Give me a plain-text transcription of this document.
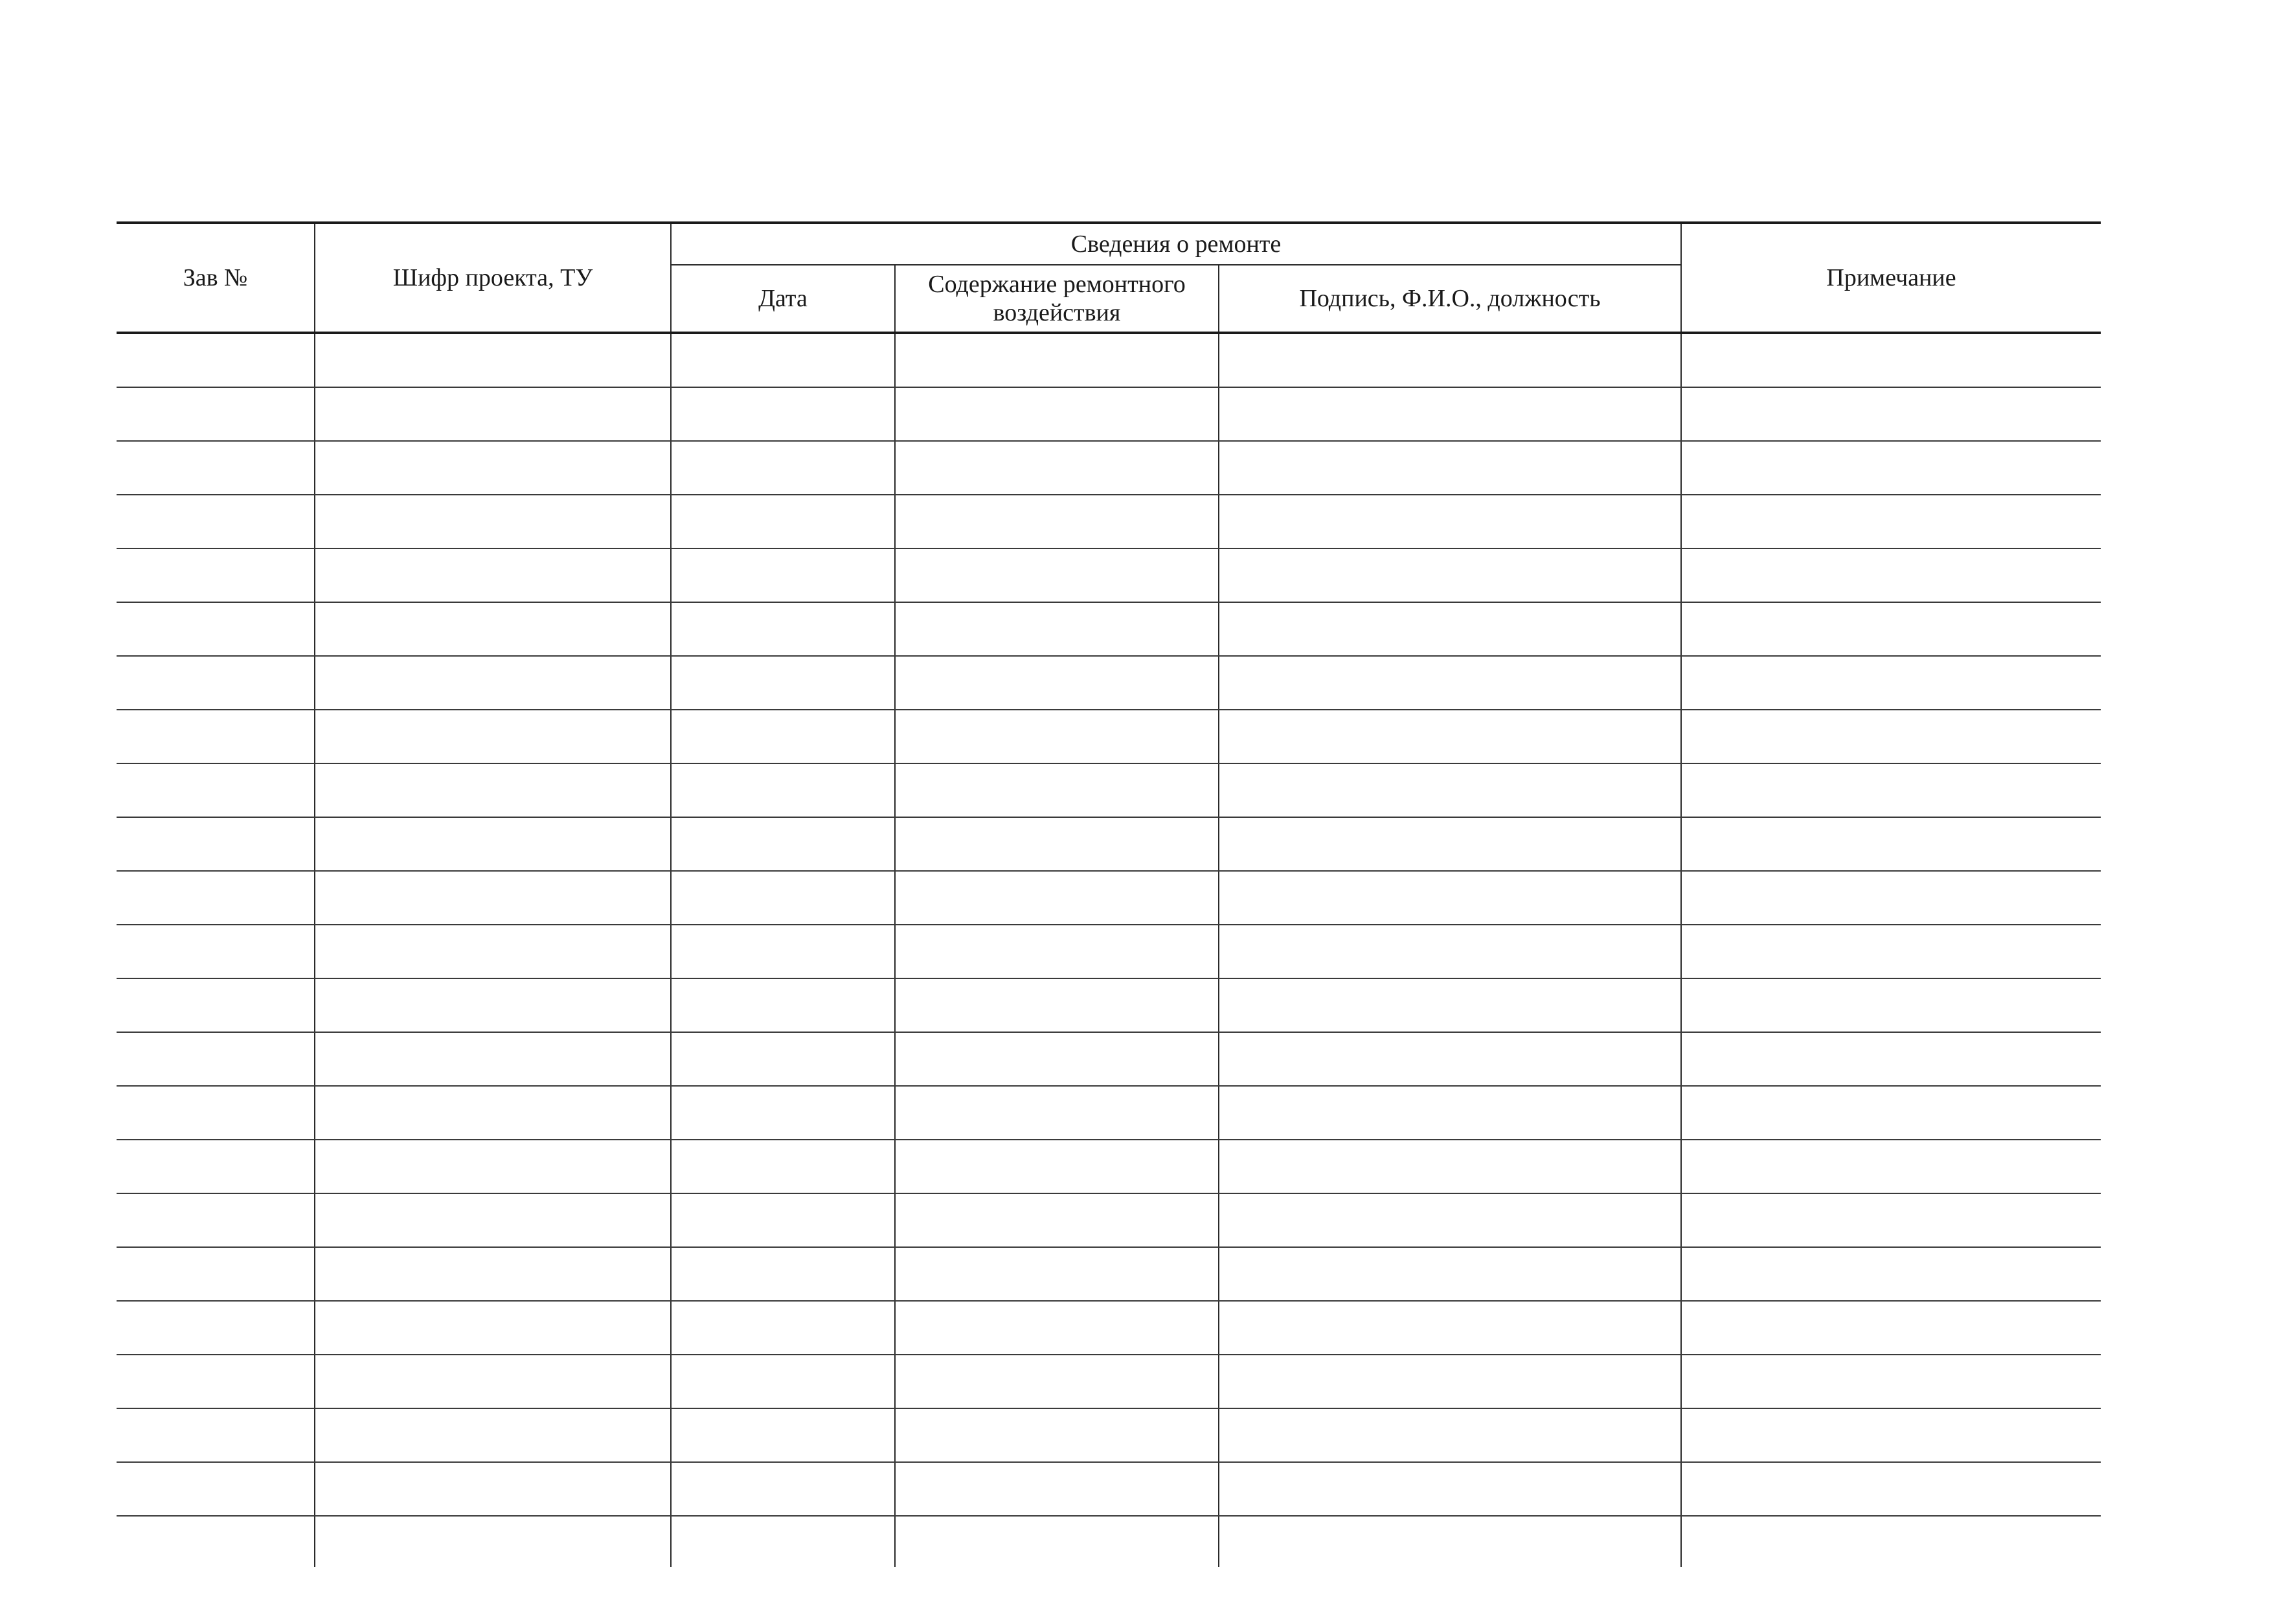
Зав №	Шифр проекта, ТУ	Сведения о ремонте			Примечание
		Дата	Содержание ремонтного воздействия	Подпись, Ф.И.О., должность	
